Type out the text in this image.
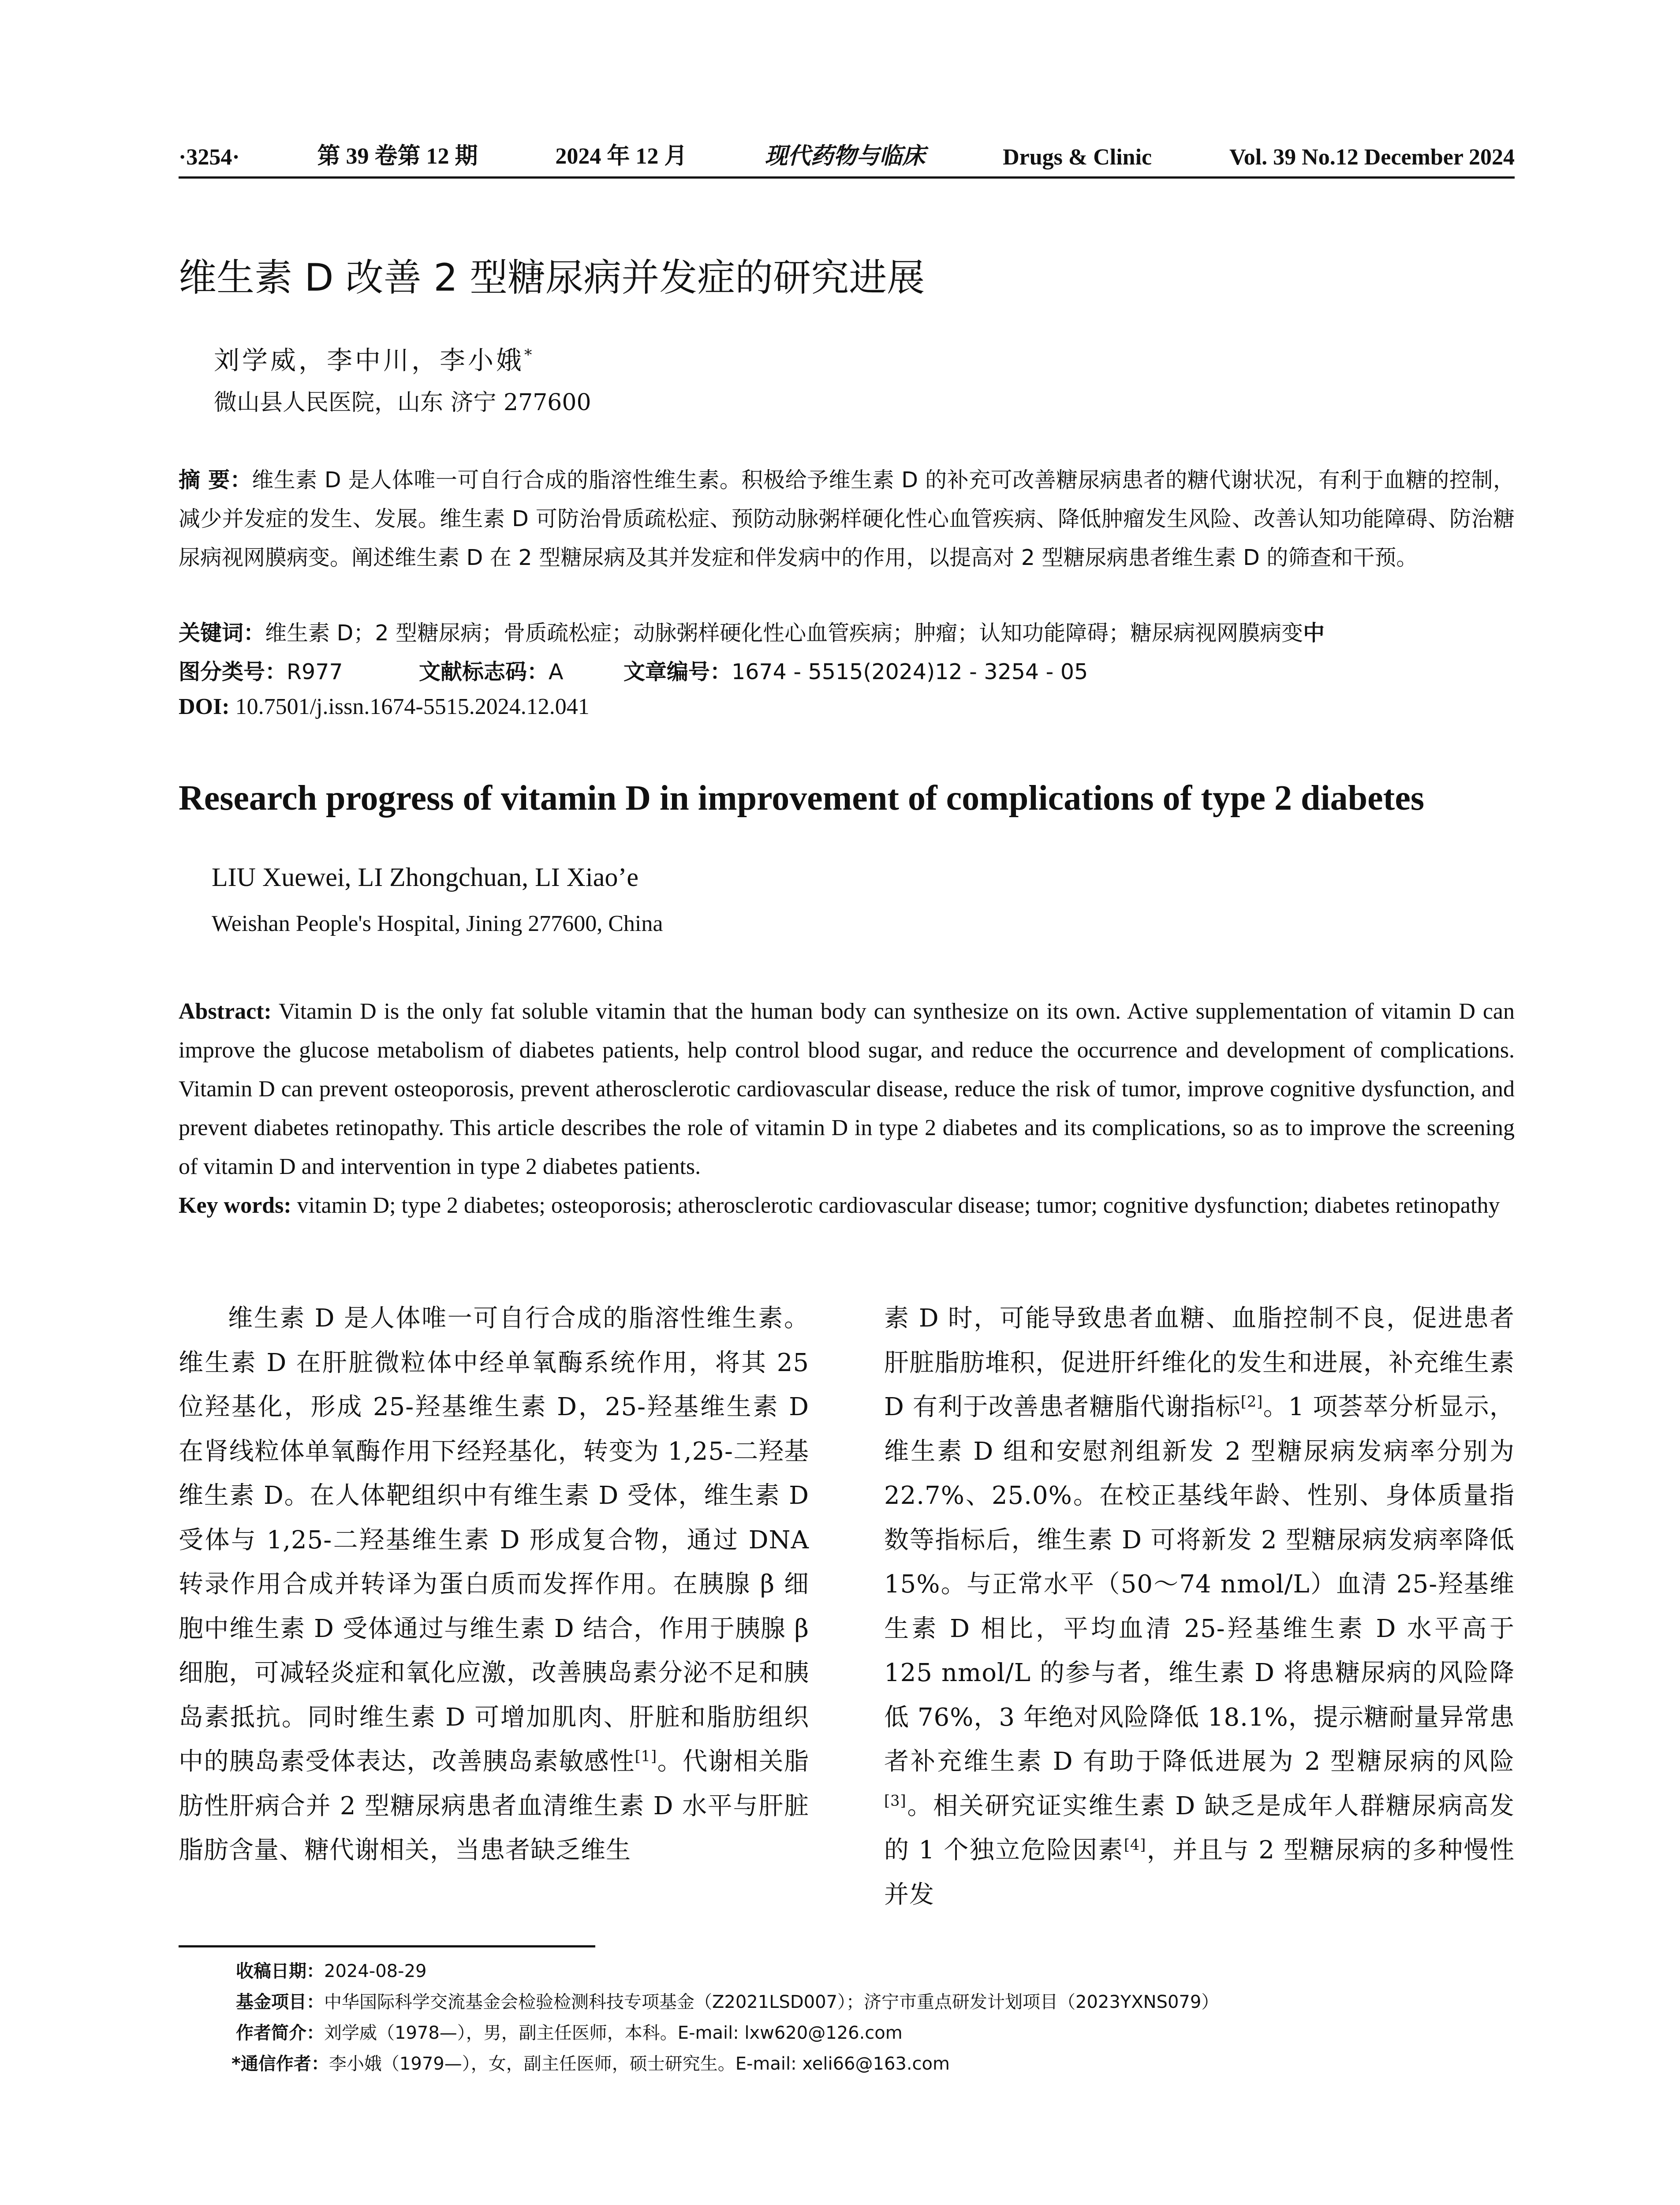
·3254·	第 39 卷第 12 期	2024 年 12 月	现代药物与临床	Drugs & Clinic	Vol. 39 No.12 December 2024
维生素 D 改善 2 型糖尿病并发症的研究进展
刘学威，李中川，李小娥*
微山县人民医院，山东 济宁 277600
摘 要：维生素 D 是人体唯一可自行合成的脂溶性维生素。积极给予维生素 D 的补充可改善糖尿病患者的糖代谢状况，有利于血糖的控制，减少并发症的发生、发展。维生素 D 可防治骨质疏松症、预防动脉粥样硬化性心血管疾病、降低肿瘤发生风险、改善认知功能障碍、防治糖尿病视网膜病变。阐述维生素 D 在 2 型糖尿病及其并发症和伴发病中的作用，以提高对 2 型糖尿病患者维生素 D 的筛查和干预。
关键词：维生素 D；2 型糖尿病；骨质疏松症；动脉粥样硬化性心血管疾病；肿瘤；认知功能障碍；糖尿病视网膜病变中
图分类号：R977	文献标志码：A	文章编号：1674 - 5515(2024)12 - 3254 - 05
DOI: 10.7501/j.issn.1674-5515.2024.12.041
Research progress of vitamin D in improvement of complications of type 2 diabetes
LIU Xuewei, LI Zhongchuan, LI Xiao’e
Weishan People's Hospital, Jining 277600, China
Abstract: Vitamin D is the only fat soluble vitamin that the human body can synthesize on its own. Active supplementation of vitamin D can improve the glucose metabolism of diabetes patients, help control blood sugar, and reduce the occurrence and development of complications. Vitamin D can prevent osteoporosis, prevent atherosclerotic cardiovascular disease, reduce the risk of tumor, improve cognitive dysfunction, and prevent diabetes retinopathy. This article describes the role of vitamin D in type 2 diabetes and its complications, so as to improve the screening of vitamin D and intervention in type 2 diabetes patients.
Key words: vitamin D; type 2 diabetes; osteoporosis; atherosclerotic cardiovascular disease; tumor; cognitive dysfunction; diabetes retinopathy
维生素 D 是人体唯一可自行合成的脂溶性维生素。维生素 D 在肝脏微粒体中经单氧酶系统作用，将其 25 位羟基化，形成 25-羟基维生素 D，25-羟基维生素 D 在肾线粒体单氧酶作用下经羟基化，转变为 1,25-二羟基维生素 D。在人体靶组织中有维生素 D 受体，维生素 D 受体与 1,25-二羟基维生素 D 形成复合物，通过 DNA 转录作用合成并转译为蛋白质而发挥作用。在胰腺 β 细胞中维生素 D 受体通过与维生素 D 结合，作用于胰腺 β 细胞，可减轻炎症和氧化应激，改善胰岛素分泌不足和胰岛素抵抗。同时维生素 D 可增加肌肉、肝脏和脂肪组织中的胰岛素受体表达，改善胰岛素敏感性[1]。代谢相关脂肪性肝病合并 2 型糖尿病患者血清维生素 D 水平与肝脏脂肪含量、糖代谢相关，当患者缺乏维生
素 D 时，可能导致患者血糖、血脂控制不良，促进患者肝脏脂肪堆积，促进肝纤维化的发生和进展，补充维生素 D 有利于改善患者糖脂代谢指标[2]。1 项荟萃分析显示，维生素 D 组和安慰剂组新发 2 型糖尿病发病率分别为 22.7%、25.0%。在校正基线年龄、性别、身体质量指数等指标后，维生素 D 可将新发 2 型糖尿病发病率降低 15%。与正常水平（50～74 nmol/L）血清 25-羟基维生素 D 相比，平均血清 25-羟基维生素 D 水平高于 125 nmol/L 的参与者，维生素 D 将患糖尿病的风险降低 76%，3 年绝对风险降低 18.1%，提示糖耐量异常患者补充维生素 D 有助于降低进展为 2 型糖尿病的风险[3]。相关研究证实维生素 D 缺乏是成年人群糖尿病高发的 1 个独立危险因素[4]，并且与 2 型糖尿病的多种慢性并发
收稿日期：2024-08-29
基金项目：中华国际科学交流基金会检验检测科技专项基金（Z2021LSD007）；济宁市重点研发计划项目（2023YXNS079）
作者简介：刘学威（1978—），男，副主任医师，本科。E-mail: lxw620@126.com
*通信作者：李小娥（1979—），女，副主任医师，硕士研究生。E-mail: xeli66@163.com
